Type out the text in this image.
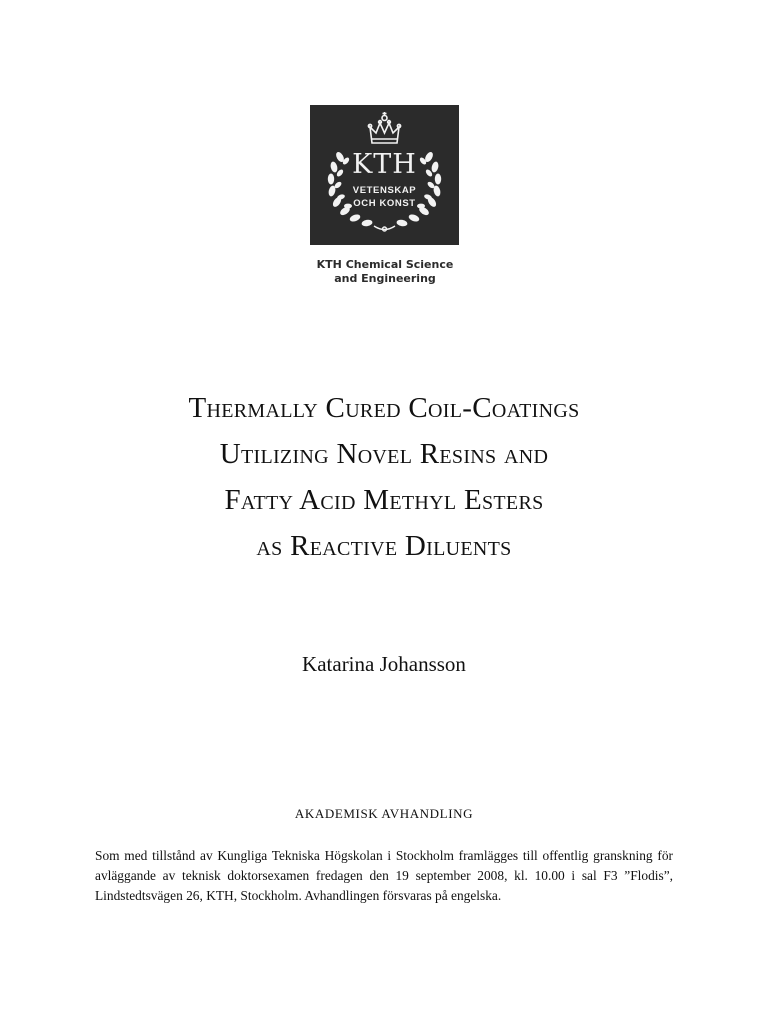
KTH
VETENSKAP
OCH KONST
KTH Chemical Science
and Engineering
Thermally Cured Coil-Coatings
Utilizing Novel Resins and
Fatty Acid Methyl Esters
as Reactive Diluents
Katarina Johansson
AKADEMISK AVHANDLING
Som med tillstånd av Kungliga Tekniska Högskolan i Stockholm framlägges till offentlig granskning för avläggande av teknisk doktorsexamen fredagen den 19 september 2008, kl. 10.00 i sal F3 ”Flodis”, Lindstedtsvägen 26, KTH, Stockholm. Avhandlingen försvaras på engelska.
